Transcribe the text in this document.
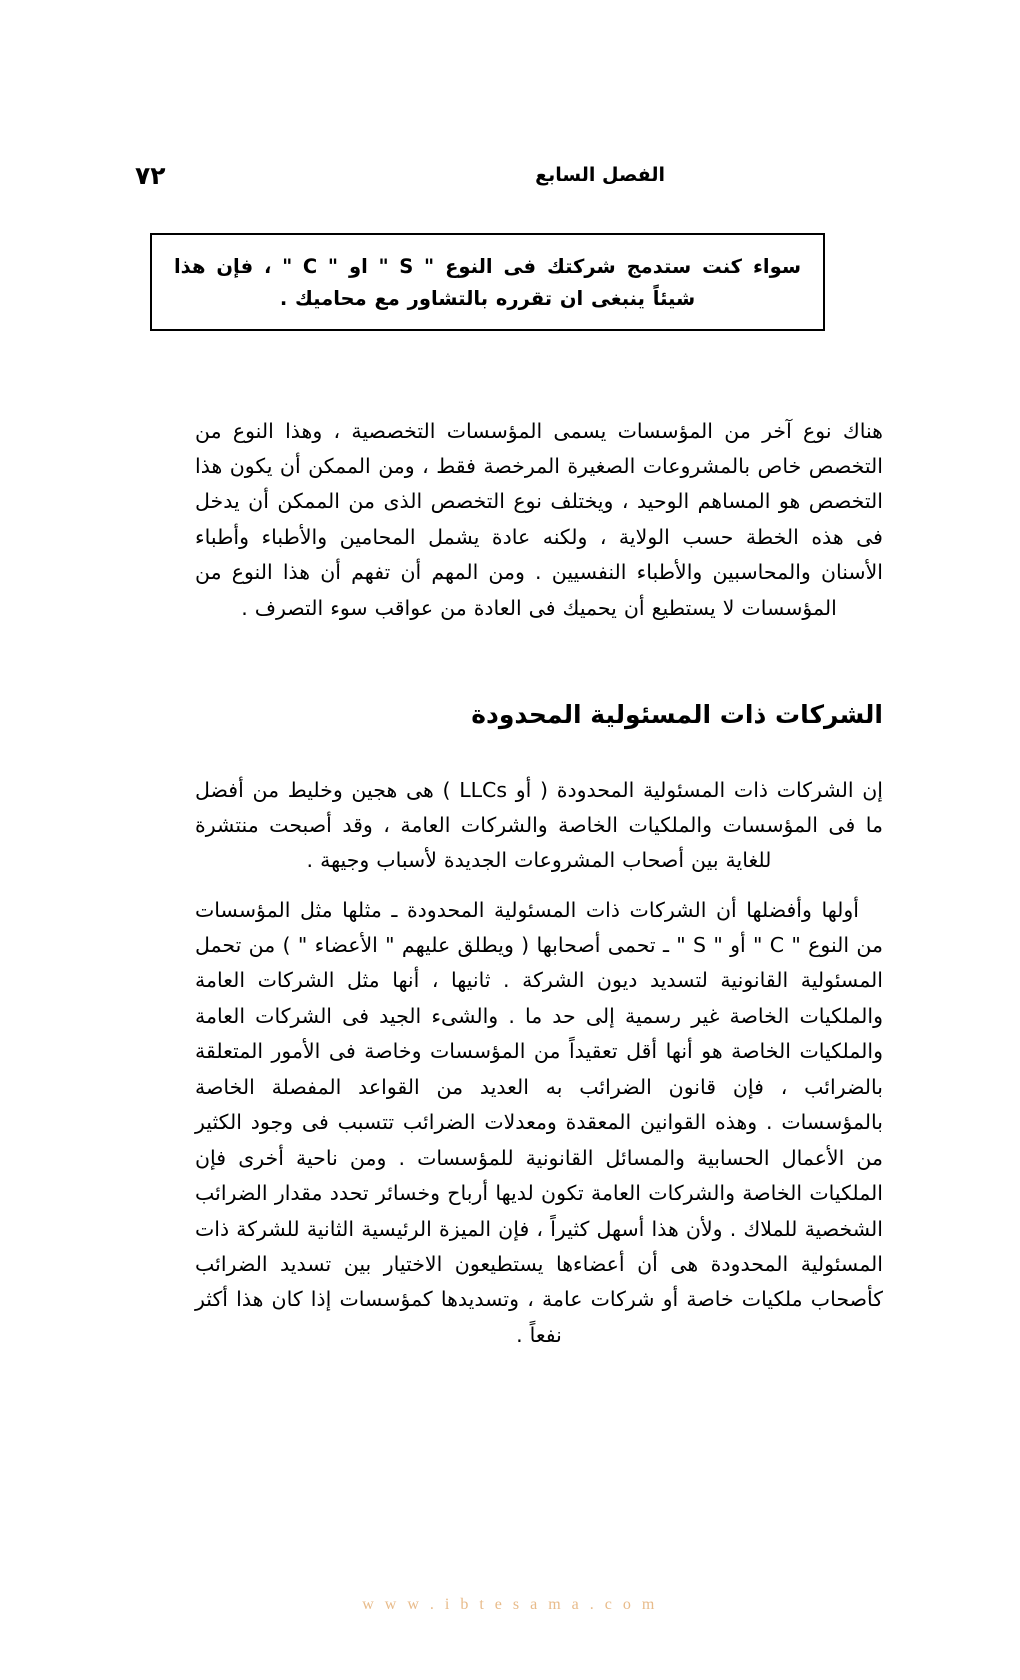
٧٢	الفصل السابع
سواء كنت ستدمج شركتك فى النوع " S " او " C " ، فإن هذا شيئاً ينبغى ان تقرره بالتشاور مع محاميك .

هناك نوع آخر من المؤسسات يسمى المؤسسات التخصصية ، وهذا النوع من التخصص خاص بالمشروعات الصغيرة المرخصة فقط ، ومن الممكن أن يكون هذا التخصص هو المساهم الوحيد ، ويختلف نوع التخصص الذى من الممكن أن يدخل فى هذه الخطة حسب الولاية ، ولكنه عادة يشمل المحامين والأطباء وأطباء الأسنان والمحاسبين والأطباء النفسيين . ومن المهم أن تفهم أن هذا النوع من المؤسسات لا يستطيع أن يحميك فى العادة من عواقب سوء التصرف .

الشركات ذات المسئولية المحدودة

إن الشركات ذات المسئولية المحدودة ( أو LLCs ) هى هجين وخليط من أفضل ما فى المؤسسات والملكيات الخاصة والشركات العامة ، وقد أصبحت منتشرة للغاية بين أصحاب المشروعات الجديدة لأسباب وجيهة .

أولها وأفضلها أن الشركات ذات المسئولية المحدودة ـ مثلها مثل المؤسسات من النوع " C " أو " S " ـ تحمى أصحابها ( ويطلق عليهم " الأعضاء " ) من تحمل المسئولية القانونية لتسديد ديون الشركة . ثانيها ، أنها مثل الشركات العامة والملكيات الخاصة غير رسمية إلى حد ما . والشىء الجيد فى الشركات العامة والملكيات الخاصة هو أنها أقل تعقيداً من المؤسسات وخاصة فى الأمور المتعلقة بالضرائب ، فإن قانون الضرائب به العديد من القواعد المفصلة الخاصة بالمؤسسات . وهذه القوانين المعقدة ومعدلات الضرائب تتسبب فى وجود الكثير من الأعمال الحسابية والمسائل القانونية للمؤسسات . ومن ناحية أخرى فإن الملكيات الخاصة والشركات العامة تكون لديها أرباح وخسائر تحدد مقدار الضرائب الشخصية للملاك . ولأن هذا أسهل كثيراً ، فإن الميزة الرئيسية الثانية للشركة ذات المسئولية المحدودة هى أن أعضاءها يستطيعون الاختيار بين تسديد الضرائب كأصحاب ملكيات خاصة أو شركات عامة ، وتسديدها كمؤسسات إذا كان هذا أكثر نفعاً .

w w w . i b t e s a m a . c o m
